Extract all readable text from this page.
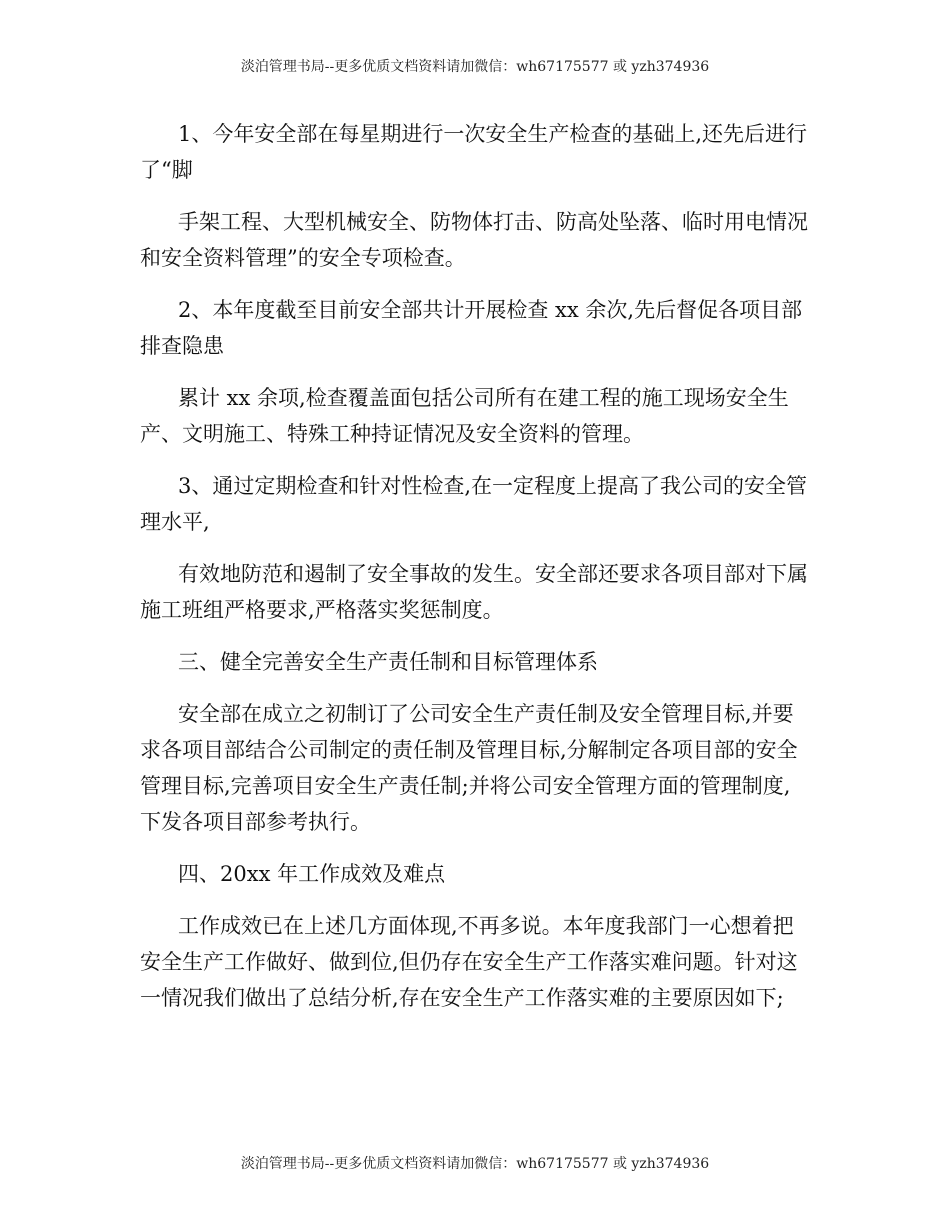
淡泊管理书局--更多优质文档资料请加微信：wh67175577 或 yzh374936

1、今年安全部在每星期进行一次安全生产检查的基础上,还先后进行了“脚

手架工程、大型机械安全、防物体打击、防高处坠落、临时用电情况和安全资料管理”的安全专项检查。

2、本年度截至目前安全部共计开展检查 xx 余次,先后督促各项目部排查隐患

累计 xx 余项,检查覆盖面包括公司所有在建工程的施工现场安全生产、文明施工、特殊工种持证情况及安全资料的管理。

3、通过定期检查和针对性检查,在一定程度上提高了我公司的安全管理水平,

有效地防范和遏制了安全事故的发生。安全部还要求各项目部对下属施工班组严格要求,严格落实奖惩制度。

三、健全完善安全生产责任制和目标管理体系

安全部在成立之初制订了公司安全生产责任制及安全管理目标,并要求各项目部结合公司制定的责任制及管理目标,分解制定各项目部的安全管理目标,完善项目安全生产责任制;并将公司安全管理方面的管理制度,下发各项目部参考执行。

四、20xx 年工作成效及难点

工作成效已在上述几方面体现,不再多说。本年度我部门一心想着把安全生产工作做好、做到位,但仍存在安全生产工作落实难问题。针对这一情况我们做出了总结分析,存在安全生产工作落实难的主要原因如下;

淡泊管理书局--更多优质文档资料请加微信：wh67175577 或 yzh374936
